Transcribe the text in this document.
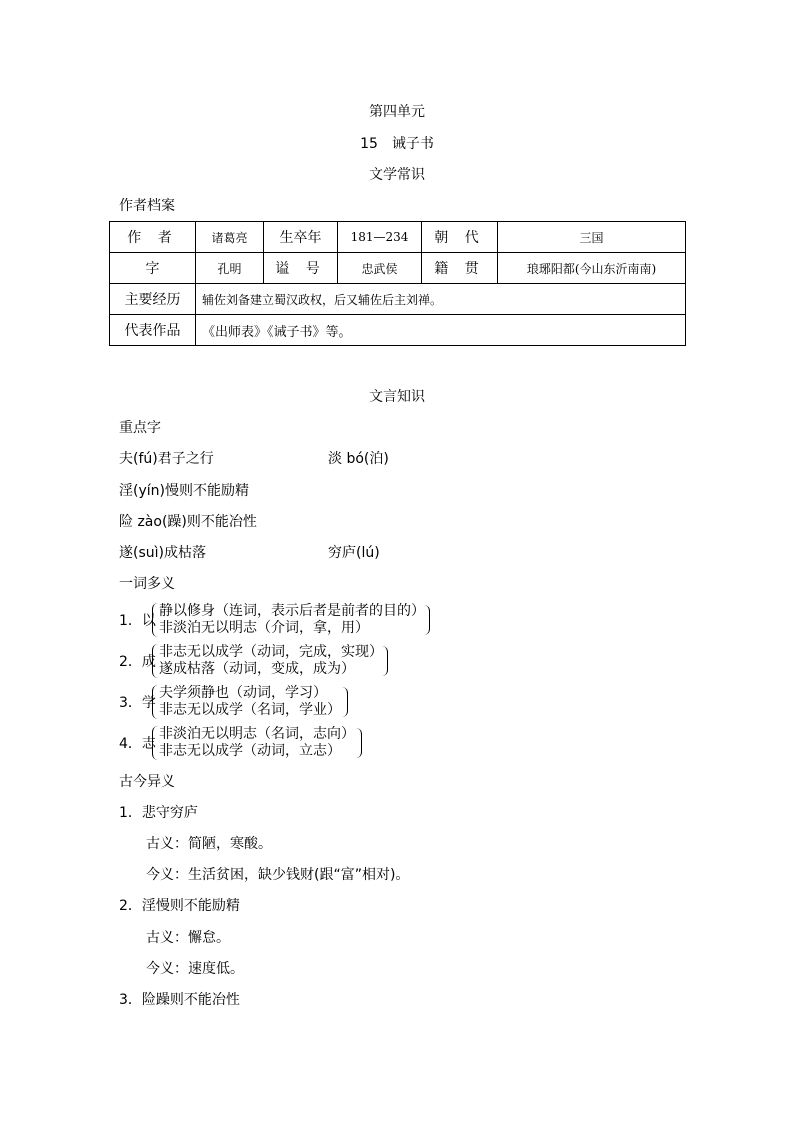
第四单元
15　诫子书
文学常识
作者档案
作 者	诸葛亮	生卒年	181—234	朝 代	三国
字	孔明	谥 号	忠武侯	籍 贯	琅琊阳都(今山东沂南南)
主要经历	辅佐刘备建立蜀汉政权，后又辅佐后主刘禅。				
代表作品	《出师表》《诫子书》等。				
文言知识
重点字
夫(fú)君子之行	淡 bó(泊)
淫(yín)慢则不能励精
险 zào(躁)则不能冶性
遂(suì)成枯落	穷庐(lú)
一词多义
1．以
静以修身（连词，表示后者是前者的目的）
非淡泊无以明志（介词，拿，用）
2．成
非志无以成学（动词，完成，实现）
遂成枯落（动词，变成，成为）
3．学
夫学须静也（动词，学习）
非志无以成学（名词，学业）
4．志
非淡泊无以明志（名词，志向）
非志无以成学（动词，立志）
古今异义
1．悲守穷庐
古义：简陋，寒酸。
今义：生活贫困，缺少钱财(跟“富”相对)。
2．淫慢则不能励精
古义：懈怠。
今义：速度低。
3．险躁则不能冶性
